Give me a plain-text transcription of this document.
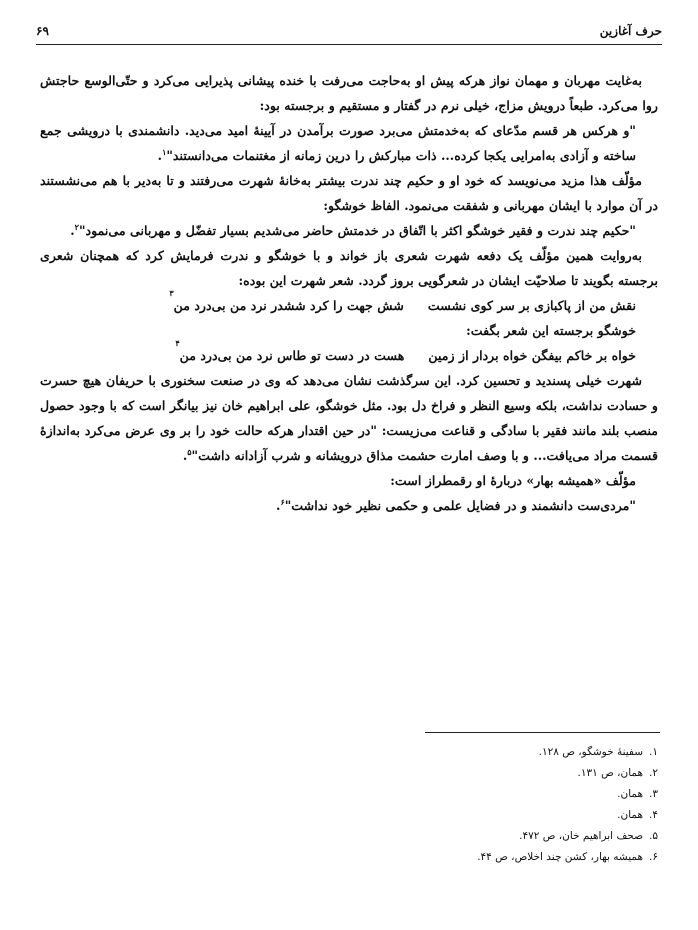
حرف آغازین
۶۹

به‌غایت مهربان و مهمان نواز هرکه پیش او به‌حاجت می‌رفت با خنده پیشانی پذیرایی می‌کرد و حتّی‌الوسع حاجتش روا می‌کرد. طبعاً درویش مزاج، خیلی نرم در گفتار و مستقیم و برجسته بود:

"و هرکس هر قسم مدّعای که به‌خدمتش می‌برد صورت برآمدن در آیینهٔ امید می‌دید. دانشمندی با درویشی جمع ساخته و آزادی به‌امرایی یکجا کرده... ذات مبارکش را درین زمانه از مغتنمات می‌دانستند"$^۱$.

مؤلّف هذا مزید می‌نویسد که خود او و حکیم چند ندرت بیشتر به‌خانهٔ شهرت می‌رفتند و تا به‌دیر با هم می‌نشستند در آن موارد با ایشان مهربانی و شفقت می‌نمود. الفاظ خوشگو:

"حکیم چند ندرت و فقیر خوشگو اکثر با اتّفاق در خدمتش حاضر می‌شدیم بسیار تفضّل و مهربانی می‌نمود"$^۲$.

به‌روایت همین مؤلّف یک دفعه شهرت شعری باز خواند و با خوشگو و ندرت فرمایش کرد که همچنان شعری برجسته بگویند تا صلاحیّت ایشان در شعرگویی بروز گردد. شعر شهرت این بوده:

نقش من از پاکبازی بر سر کوی نشست
شش جهت را کرد ششدر نرد من بی‌درد من
۳
خوشگو برجسته این شعر بگفت:
خواه بر خاکم بیفگن خواه بردار از زمین
هست در دست تو طاس نرد من بی‌درد من
۴

شهرت خیلی پسندید و تحسین کرد. این سرگذشت نشان می‌دهد که وی در صنعت سخنوری با حریفان هیچ حسرت و حسادت نداشت، بلکه وسیع النظر و فراخ دل بود. مثل خوشگو، علی ابراهیم خان نیز بیانگر است که با وجود حصول منصب بلند مانند فقیر با سادگی و قناعت می‌زیست: "در حین اقتدار هرکه حالت خود را بر وی عرض می‌کرد به‌اندازهٔ قسمت مراد می‌یافت... و با وصف امارت حشمت مذاق درویشانه و شرب آزادانه داشت"$^۵$.

مؤلّف «همیشه بهار» دربارهٔ او رقمطراز است:
"مردی‌ست دانشمند و در فضایل علمی و حکمی نظیر خود نداشت"$^۶$.
۱.
سفینهٔ خوشگو، ص ۱۲۸.
۲.
همان، ص ۱۳۱.
۳.
همان.
۴.
همان.
۵.
صحف ابراهیم خان، ص ۴۷۲.
۶.
همیشه بهار، کشن چند اخلاص، ص ۴۴.
